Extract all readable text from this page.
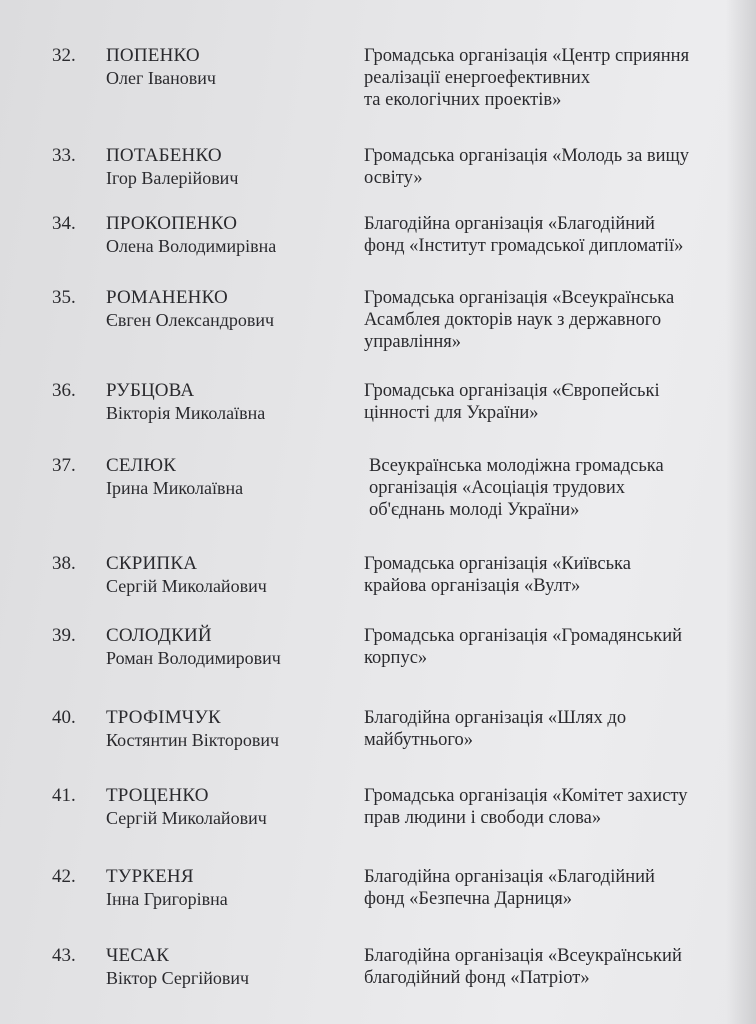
32. ПОПЕНКО
Олег Іванович
Громадська організація «Центр сприяння
реалізації енергоефективних
та екологічних проектів»
33. ПОТАБЕНКО
Ігор Валерійович
Громадська організація «Молодь за вищу
освіту»
34. ПРОКОПЕНКО
Олена Володимирівна
Благодійна організація «Благодійний
фонд «Інститут громадської дипломатії»
35. РОМАНЕНКО
Євген Олександрович
Громадська організація «Всеукраїнська
Асамблея докторів наук з державного
управління»
36. РУБЦОВА
Вікторія Миколаївна
Громадська організація «Європейські
цінності для України»
37. СЕЛЮК
Ірина Миколаївна
Всеукраїнська молодіжна громадська
організація «Асоціація трудових
об'єднань молоді України»
38. СКРИПКА
Сергій Миколайович
Громадська організація «Київська
крайова організація «Вулт»
39. СОЛОДКИЙ
Роман Володимирович
Громадська організація «Громадянський
корпус»
40. ТРОФІМЧУК
Костянтин Вікторович
Благодійна організація «Шлях до
майбутнього»
41. ТРОЦЕНКО
Сергій Миколайович
Громадська організація «Комітет захисту
прав людини і свободи слова»
42. ТУРКЕНЯ
Інна Григорівна
Благодійна організація «Благодійний
фонд «Безпечна Дарниця»
43. ЧЕСАК
Віктор Сергійович
Благодійна організація «Всеукраїнський
благодійний фонд «Патріот»
